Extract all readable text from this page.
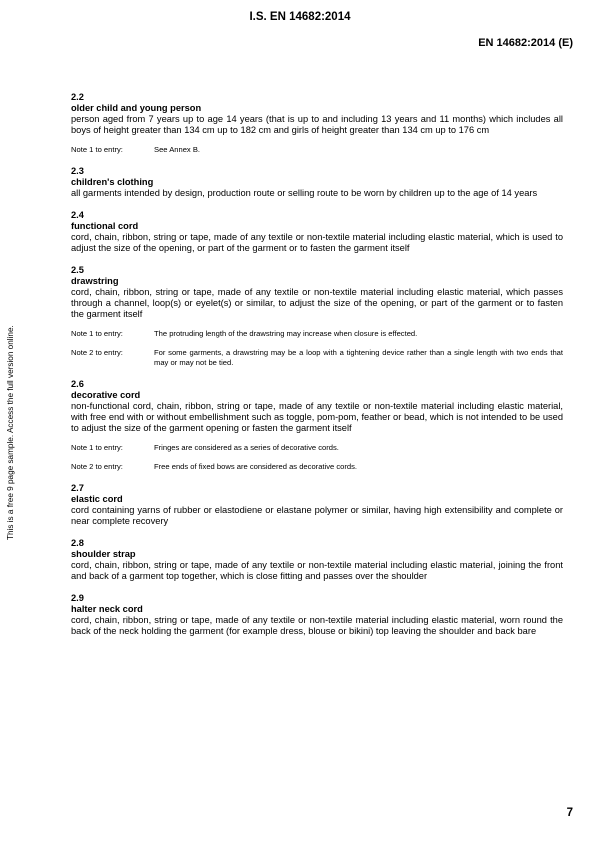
I.S. EN 14682:2014
EN 14682:2014 (E)
This is a free 9 page sample. Access the full version online.
2.2
older child and young person
person aged from 7 years up to age 14 years (that is up to and including 13 years and 11 months) which includes all boys of height greater than 134 cm up to 182 cm and girls of height greater than 134 cm up to 176 cm
Note 1 to entry:	See Annex B.
2.3
children's clothing
all garments intended by design, production route or selling route to be worn by children up to the age of 14 years
2.4
functional cord
cord, chain, ribbon, string or tape, made of any textile or non-textile material including elastic material, which is used to adjust the size of the opening, or part of the garment or to fasten the garment itself
2.5
drawstring
cord, chain, ribbon, string or tape, made of any textile or non-textile material including elastic material, which passes through a channel, loop(s) or eyelet(s) or similar, to adjust the size of the opening, or part of the garment or to fasten the garment itself
Note 1 to entry:	The protruding length of the drawstring may increase when closure is effected.
Note 2 to entry:	For some garments, a drawstring may be a loop with a tightening device rather than a single length with two ends that may or may not be tied.
2.6
decorative cord
non-functional cord, chain, ribbon, string or tape, made of any textile or non-textile material including elastic material, with free end with or without embellishment such as toggle, pom-pom, feather or bead, which is not intended to be used to adjust the size of the garment opening or fasten the garment itself
Note 1 to entry:	Fringes are considered as a series of decorative cords.
Note 2 to entry:	Free ends of fixed bows are considered as decorative cords.
2.7
elastic cord
cord containing yarns of rubber or elastodiene or elastane polymer or similar, having high extensibility and complete or near complete recovery
2.8
shoulder strap
cord, chain, ribbon, string or tape, made of any textile or non-textile material including elastic material, joining the front and back of a garment top together, which is close fitting and passes over the shoulder
2.9
halter neck cord
cord, chain, ribbon, string or tape, made of any textile or non-textile material including elastic material, worn round the back of the neck holding the garment (for example dress, blouse or bikini) top leaving the shoulder and back bare
7
